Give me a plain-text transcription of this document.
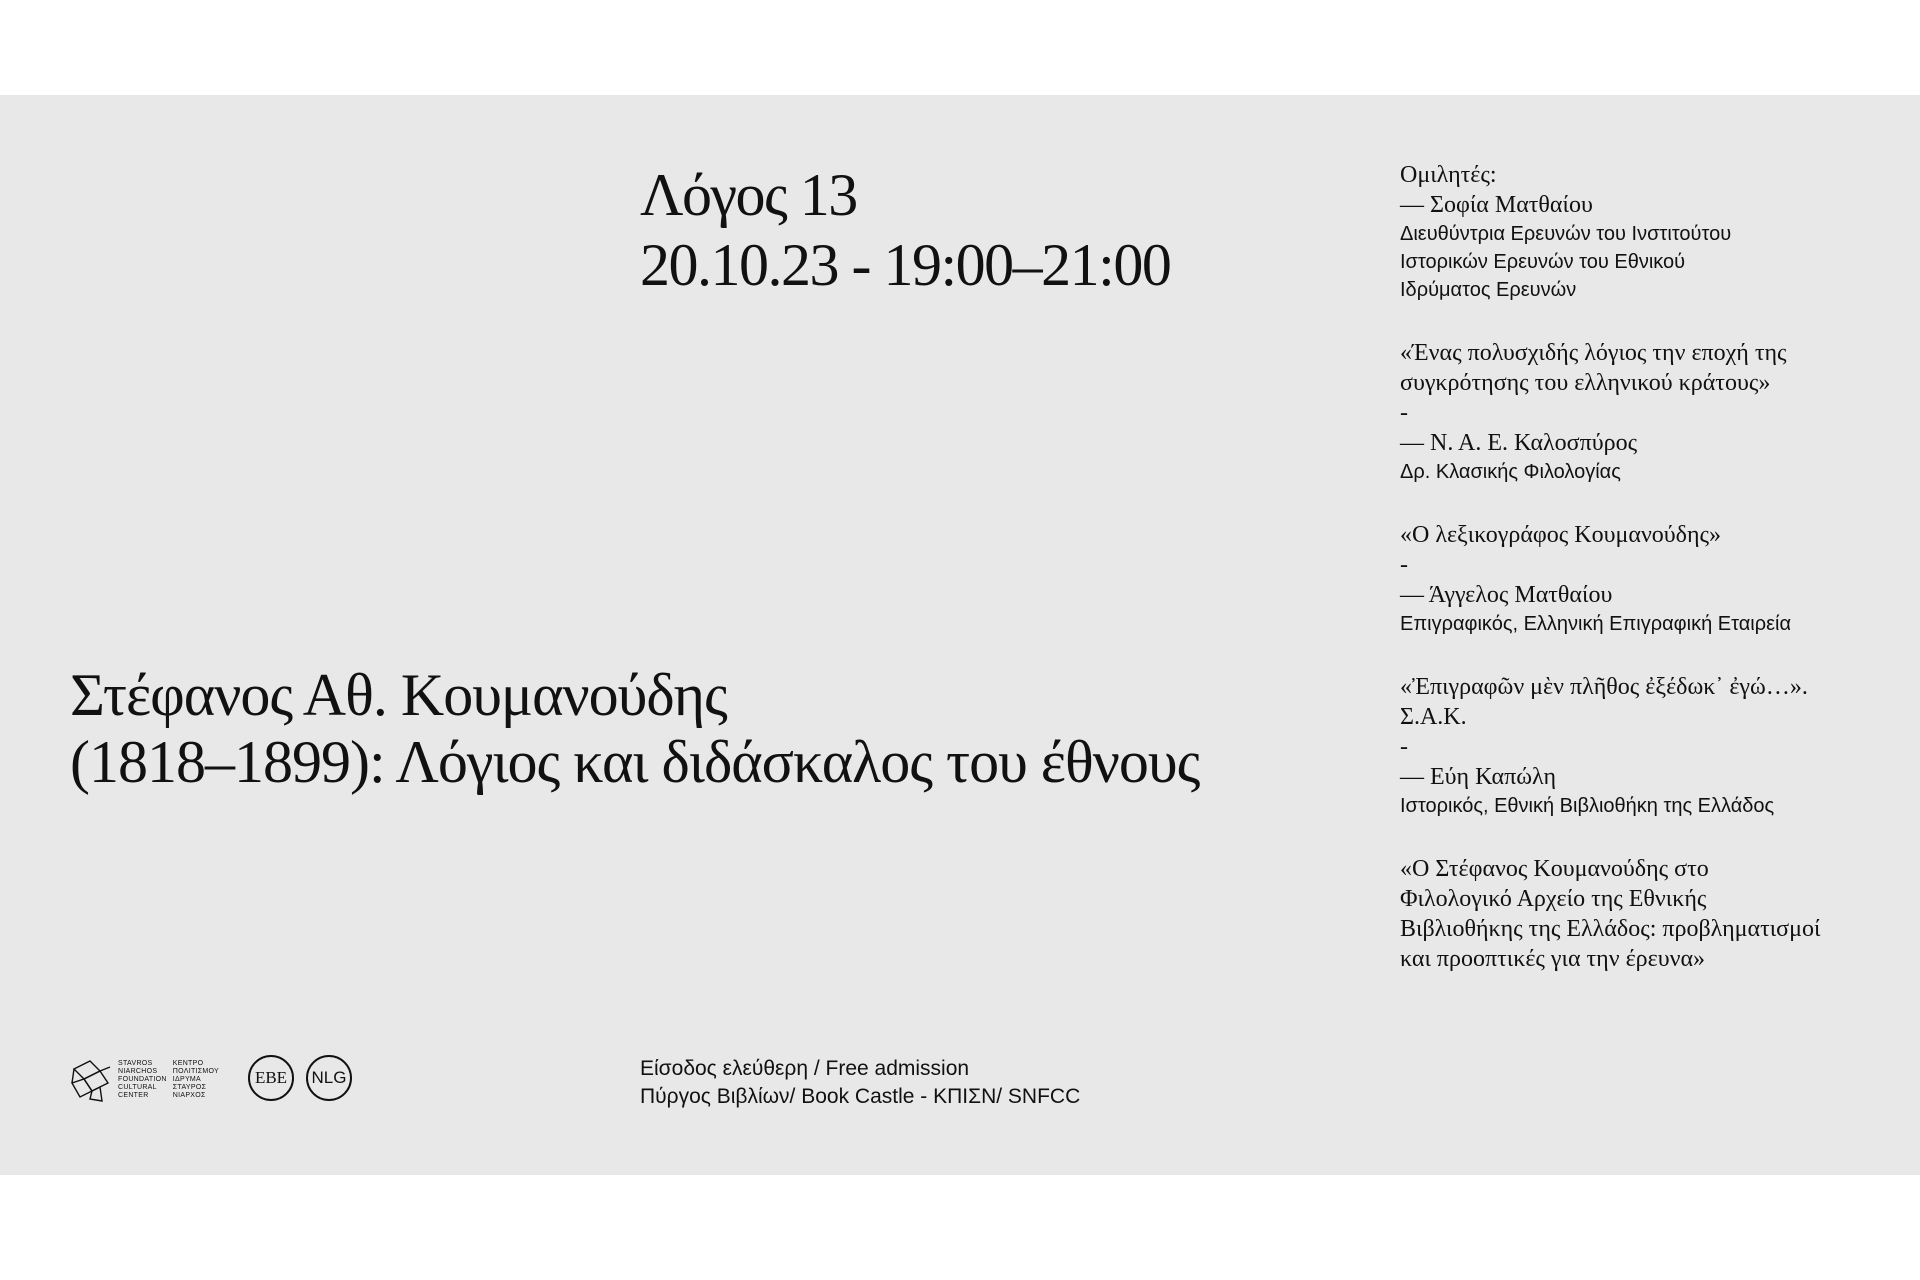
Λόγος 13
20.10.23 - 19:00–21:00
Στέφανος Αθ. Κουμανούδης
(1818–1899): Λόγιος και διδάσκαλος του έθνους
Ομιλητές:
— Σοφία Ματθαίου
Διευθύντρια Ερευνών του Ινστιτούτου
Ιστορικών Ερευνών του Εθνικού
Ιδρύματος Ερευνών
«Ένας πολυσχιδής λόγιος την εποχή της
συγκρότησης του ελληνικού κράτους»
-
— Ν. Α. Ε. Καλοσπύρος
Δρ. Κλασικής Φιλολογίας
«Ο λεξικογράφος Κουμανούδης»
-
— Άγγελος Ματθαίου
Επιγραφικός, Ελληνική Επιγραφική Εταιρεία
«Ἐπιγραφῶν μὲν πλῆθος ἐξέδωκ᾽ ἐγώ…».
Σ.Α.Κ.
-
— Εύη Καπώλη
Ιστορικός, Εθνική Βιβλιοθήκη της Ελλάδος
«Ο Στέφανος Κουμανούδης στο
Φιλολογικό Αρχείο της Εθνικής
Βιβλιοθήκης της Ελλάδος: προβληματισμοί
και προοπτικές για την έρευνα»
Είσοδος ελεύθερη / Free admission
Πύργος Βιβλίων/ Book Castle - ΚΠΙΣΝ/ SNFCC
STAVROS
NIARCHOS
FOUNDATION
CULTURAL
CENTER
ΚΕΝΤΡΟ
ΠΟΛΙΤΙΣΜΟΥ
ΙΔΡΥΜΑ
ΣΤΑΥΡΟΣ
ΝΙΑΡΧΟΣ
EBE NLG
